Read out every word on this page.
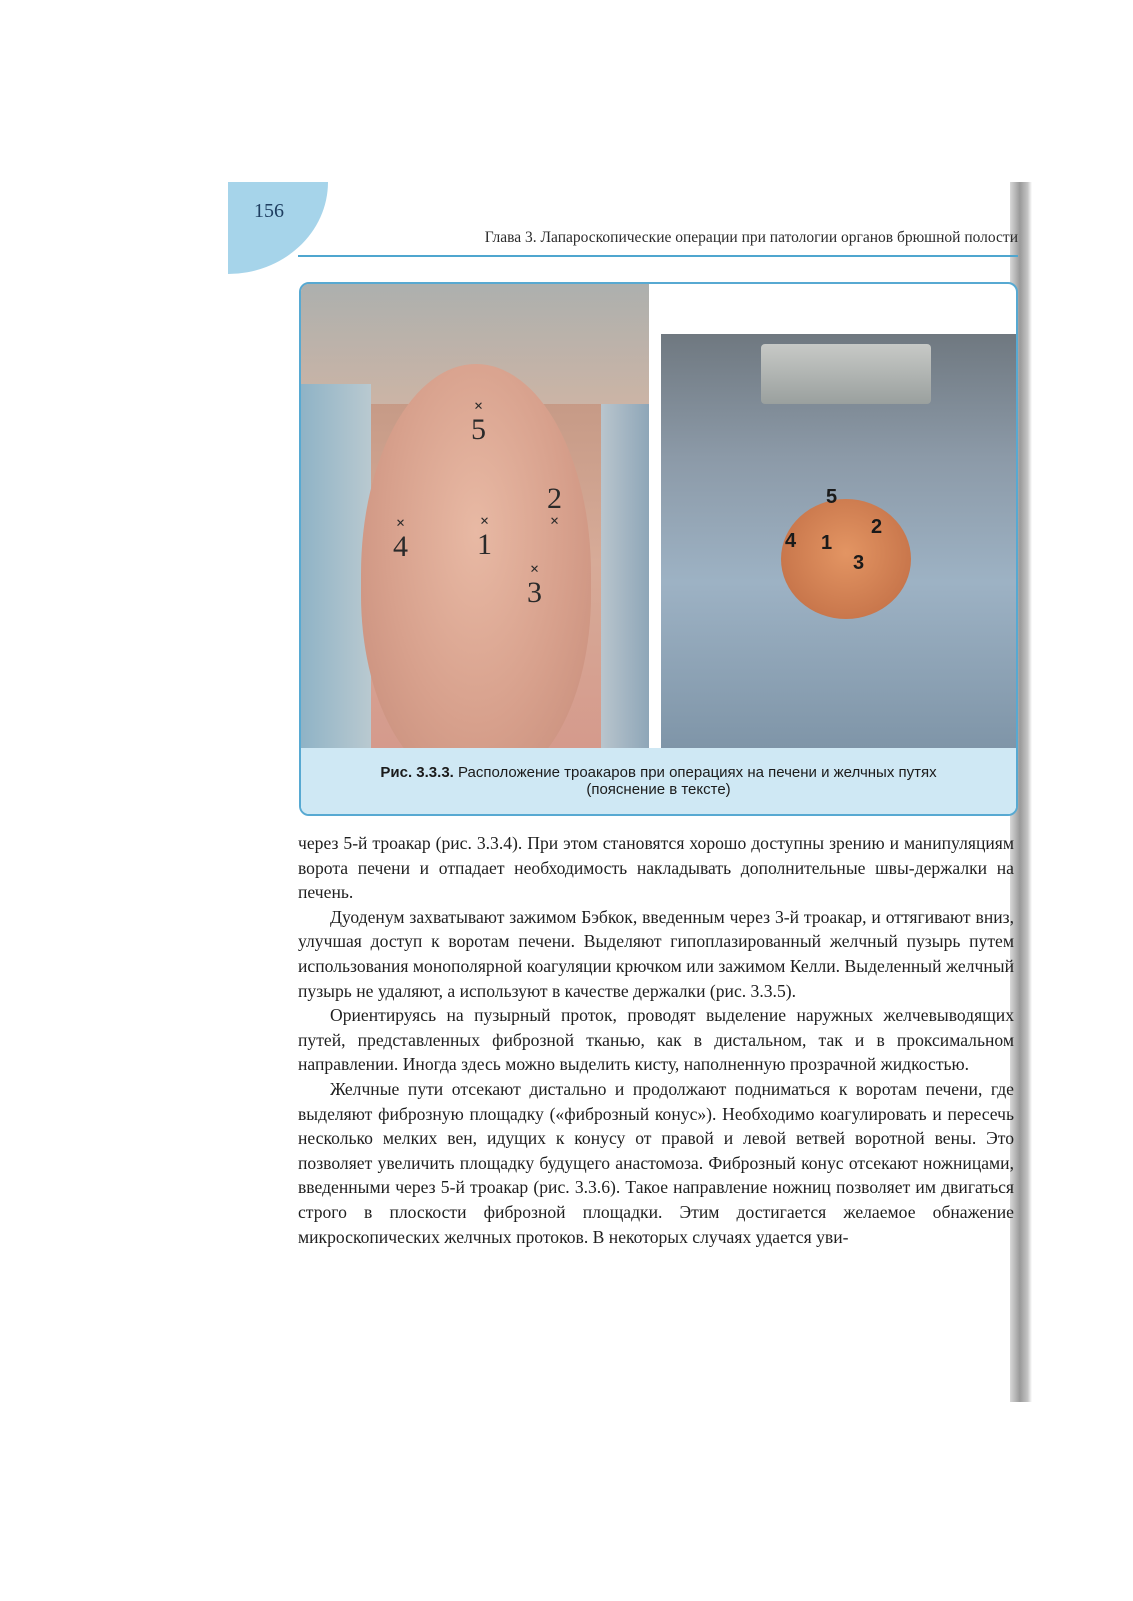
156
Глава 3. Лапароскопические операции при патологии органов брюшной полости
×
5
2
×
×
4
×
1
×
3
5
2
4 1
3
Рис. 3.3.3. Расположение троакаров при операциях на печени и желчных путях
(пояснение в тексте)

через 5-й троакар (рис. 3.3.4). При этом становятся хорошо доступны зрению и манипуляциям ворота печени и отпадает необходимость накладывать дополнительные швы-держалки на печень.

Дуоденум захватывают зажимом Бэбкок, введенным через 3-й троакар, и оттягивают вниз, улучшая доступ к воротам печени. Выделяют гипоплазированный желчный пузырь путем использования монополярной коагуляции крючком или зажимом Келли. Выделенный желчный пузырь не удаляют, а используют в качестве держалки (рис. 3.3.5).

Ориентируясь на пузырный проток, проводят выделение наружных желчевыводящих путей, представленных фиброзной тканью, как в дистальном, так и в проксимальном направлении. Иногда здесь можно выделить кисту, наполненную прозрачной жидкостью.

Желчные пути отсекают дистально и продолжают подниматься к воротам печени, где выделяют фиброзную площадку («фиброзный конус»). Необходимо коагулировать и пересечь несколько мелких вен, идущих к конусу от правой и левой ветвей воротной вены. Это позволяет увеличить площадку будущего анастомоза. Фиброзный конус отсекают ножницами, введенными через 5-й троакар (рис. 3.3.6). Такое направление ножниц позволяет им двигаться строго в плоскости фиброзной площадки. Этим достигается желаемое обнажение микроскопических желчных протоков. В некоторых случаях удается уви-
